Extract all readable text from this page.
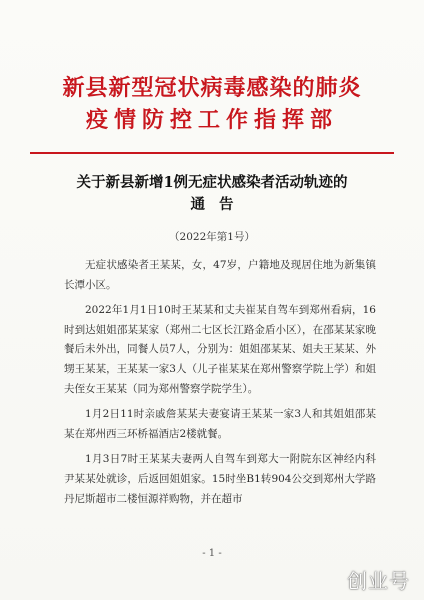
新县新型冠状病毒感染的肺炎
疫情防控工作指挥部
关于新县新增1例无症状感染者活动轨迹的
通告
（2022年第1号）

无症状感染者王某某，女，47岁，户籍地及现居住地为新集镇长潭小区。

2022年1月1日10时王某某和丈夫崔某自驾车到郑州看病，16时到达姐姐邵某某家（郑州二七区长江路金盾小区），在邵某某家晚餐后未外出，同餐人员7人，分别为：姐姐邵某某、姐夫王某某、外甥王某某，王某某一家3人（儿子崔某某在郑州警察学院上学）和姐夫侄女王某某（同为郑州警察学院学生）。

1月2日11时亲戚詹某某夫妻宴请王某某一家3人和其姐姐邵某某在郑州西三环桥福酒店2楼就餐。

1月3日7时王某某夫妻两人自驾车到郑大一附院东区神经内科尹某某处就诊，后返回姐姐家。15时坐B1转904公交到郑州大学路丹尼斯超市二楼恒源祥购物，并在超市

- 1 -
创业号
